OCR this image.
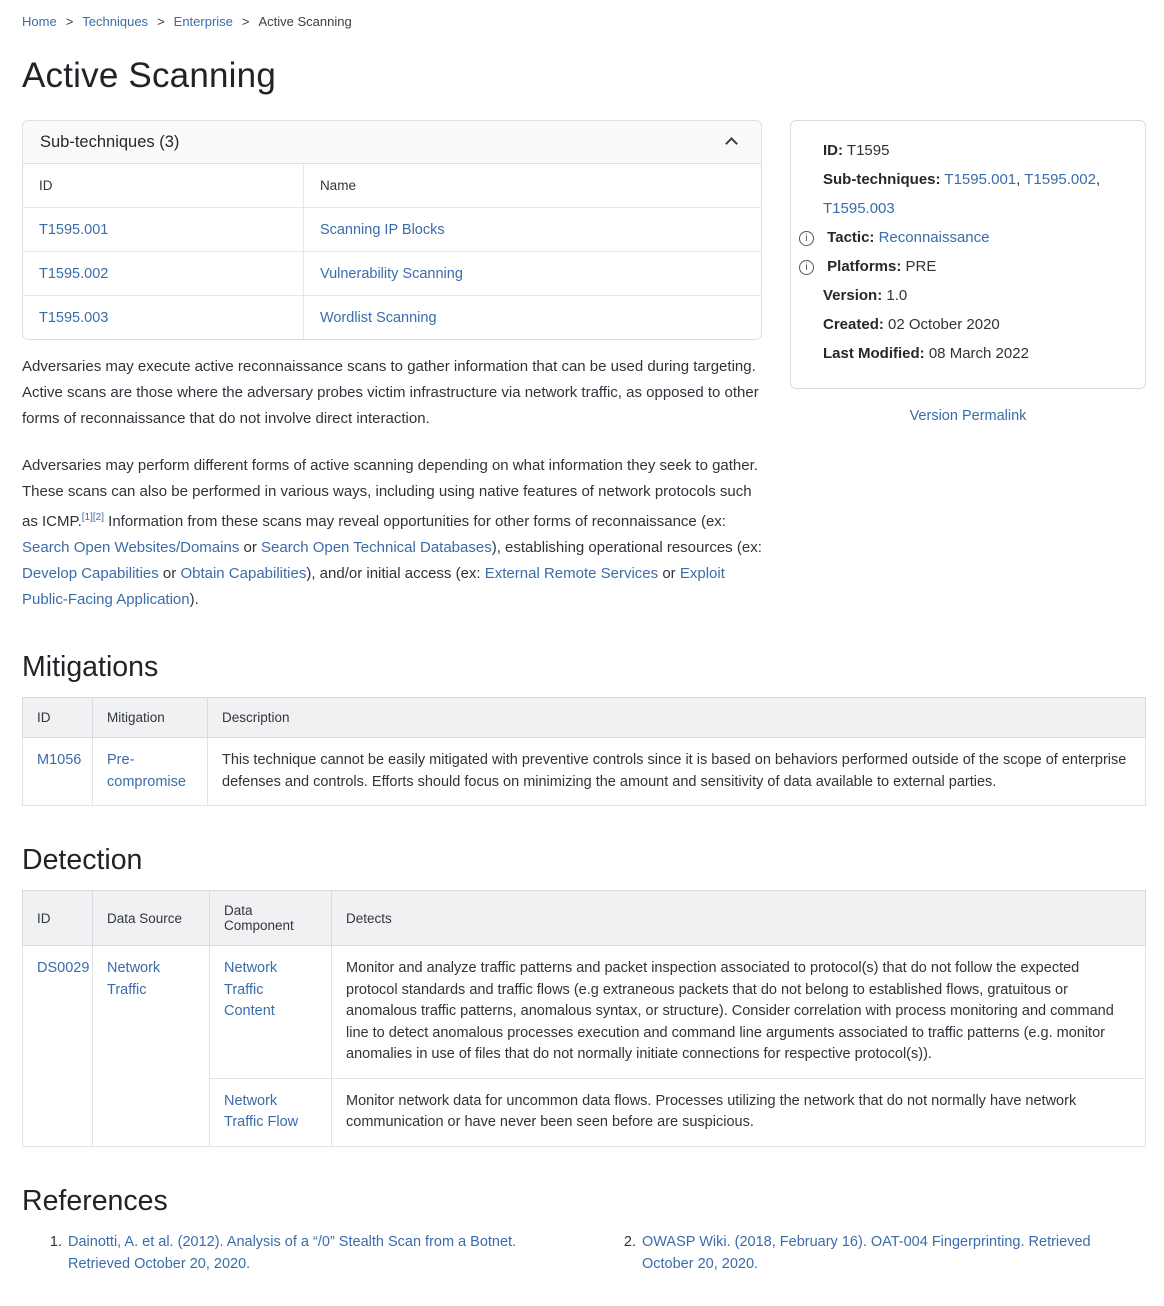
Home > Techniques > Enterprise > Active Scanning
Active Scanning
Sub-techniques (3)
ID	Name
T1595.001	Scanning IP Blocks
T1595.002	Vulnerability Scanning
T1595.003	Wordlist Scanning

Adversaries may execute active reconnaissance scans to gather information that can be used during targeting. Active scans are those where the adversary probes victim infrastructure via network traffic, as opposed to other forms of reconnaissance that do not involve direct interaction.

Adversaries may perform different forms of active scanning depending on what information they seek to gather. These scans can also be performed in various ways, including using native features of network protocols such as ICMP.[1][2] Information from these scans may reveal opportunities for other forms of reconnaissance (ex: Search Open Websites/Domains or Search Open Technical Databases), establishing operational resources (ex: Develop Capabilities or Obtain Capabilities), and/or initial access (ex: External Remote Services or Exploit Public-Facing Application).

ID: T1595
Sub-techniques: T1595.001, T1595.002, T1595.003
i Tactic: Reconnaissance
i Platforms: PRE
Version: 1.0
Created: 02 October 2020
Last Modified: 08 March 2022
Version Permalink
Mitigations
ID	Mitigation	Description
M1056	Pre-compromise	This technique cannot be easily mitigated with preventive controls since it is based on behaviors performed outside of the scope of enterprise defenses and controls. Efforts should focus on minimizing the amount and sensitivity of data available to external parties.
Detection
ID	Data Source	Data Component	Detects
DS0029	Network Traffic	Network Traffic Content	Monitor and analyze traffic patterns and packet inspection associated to protocol(s) that do not follow the expected protocol standards and traffic flows (e.g extraneous packets that do not belong to established flows, gratuitous or anomalous traffic patterns, anomalous syntax, or structure). Consider correlation with process monitoring and command line to detect anomalous processes execution and command line arguments associated to traffic patterns (e.g. monitor anomalies in use of files that do not normally initiate connections for respective protocol(s)).
		Network Traffic Flow	Monitor network data for uncommon data flows. Processes utilizing the network that do not normally have network communication or have never been seen before are suspicious.
References
1. Dainotti, A. et al. (2012). Analysis of a “/0” Stealth Scan from a Botnet. Retrieved October 20, 2020.
2. OWASP Wiki. (2018, February 16). OAT-004 Fingerprinting. Retrieved October 20, 2020.
